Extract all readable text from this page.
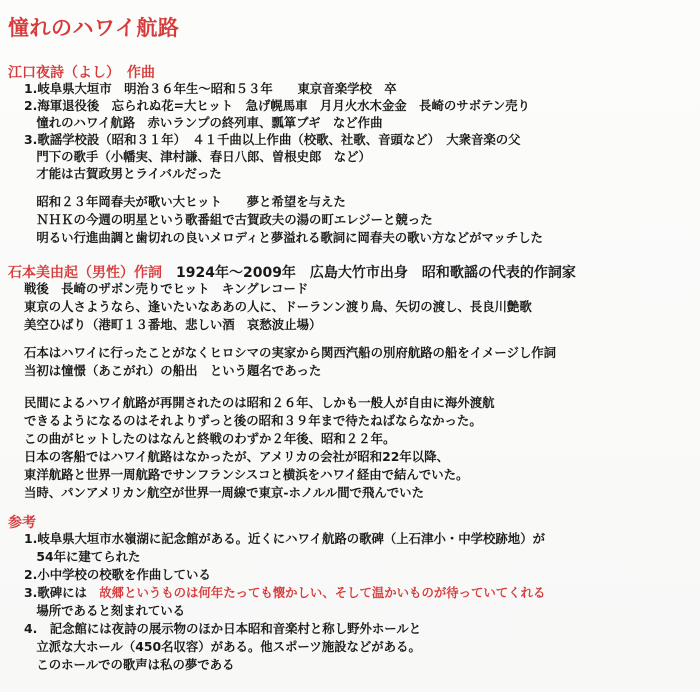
憧れのハワイ航路
江口夜詩（よし）　作曲
1.岐阜県大垣市　明治３６年生～昭和５３年　　東京音楽学校　卒
2.海軍退役後　忘られぬ花=大ヒット　急げ幌馬車　月月火水木金金　長崎のサボテン売り
　憧れのハワイ航路　赤いランプの終列車、瓢箪ブギ　など作曲
3.歌謡学校設（昭和３１年）　４１千曲以上作曲（校歌、社歌、音頭など）　大衆音楽の父
　門下の歌手（小幡実、津村謙、春日八郎、曽根史郎　など）
　才能は古賀政男とライバルだった
　昭和２３年岡春夫が歌い大ヒット　　夢と希望を与えた
　ＮＨＫの今週の明星という歌番組で古賀政夫の湯の町エレジーと競った
　明るい行進曲調と歯切れの良いメロディと夢溢れる歌詞に岡春夫の歌い方などがマッチした
石本美由起（男性）作詞　1924年～2009年　広島大竹市出身　昭和歌謡の代表的作詞家
戦後　長崎のザボン売りでヒット　キングレコード
東京の人さようなら、逢いたいなああの人に、ドーランン渡り鳥、矢切の渡し、長良川艶歌
美空ひばり（港町１３番地、悲しい酒　哀愁波止場）
石本はハワイに行ったことがなくヒロシマの実家から関西汽船の別府航路の船をイメージし作詞
当初は憧憬（あこがれ）の船出　という題名であった
民間によるハワイ航路が再開されたのは昭和２６年、しかも一般人が自由に海外渡航
できるようになるのはそれよりずっと後の昭和３９年まで待たねばならなかった。
この曲がヒットしたのはなんと終戦のわずか２年後、昭和２２年。
日本の客船ではハワイ航路はなかったが、アメリカの会社が昭和22年以降、
東洋航路と世界一周航路でサンフランシスコと横浜をハワイ経由で結んでいた。
当時、パンアメリカン航空が世界一周線で東京-ホノルル間で飛んでいた
参考
1.岐阜県大垣市水嶺湖に記念館がある。近くにハワイ航路の歌碑（上石津小・中学校跡地）が
　54年に建てられた
2.小中学校の校歌を作曲している
3.歌碑には　故郷というものは何年たっても懐かしい、そして温かいものが待っていてくれる
　場所であると刻まれている
4.　記念館には夜詩の展示物のほか日本昭和音楽村と称し野外ホールと
　立派な大ホール（450名収容）がある。他スポーツ施設などがある。
　このホールでの歌声は私の夢である
